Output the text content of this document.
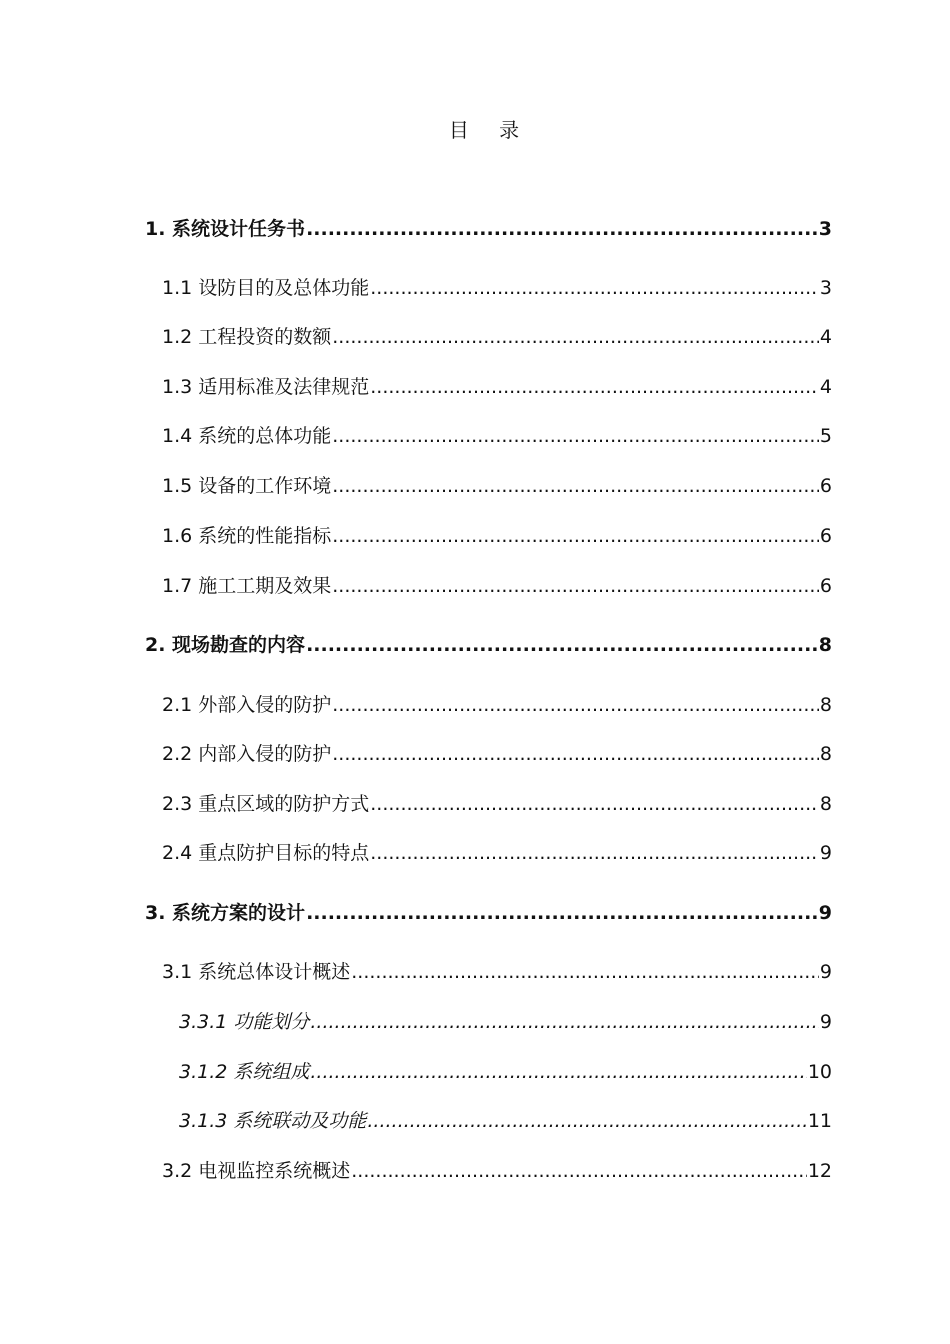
目 录
1. 系统设计任务书 .....	3
1.1 设防目的及总体功能 .....	3
1.2 工程投资的数额 .....	4
1.3 适用标准及法律规范 .....	4
1.4 系统的总体功能 .....	5
1.5 设备的工作环境 .....	6
1.6 系统的性能指标 .....	6
1.7 施工工期及效果 .....	6
2. 现场勘查的内容 .....	8
2.1 外部入侵的防护 .....	8
2.2 内部入侵的防护 .....	8
2.3 重点区域的防护方式 .....	8
2.4 重点防护目标的特点 .....	9
3. 系统方案的设计 .....	9
3.1 系统总体设计概述 .....	9
3.3.1 功能划分 .....	9
3.1.2 系统组成 .....	10
3.1.3 系统联动及功能 .....	11
3.2 电视监控系统概述 .....	12
